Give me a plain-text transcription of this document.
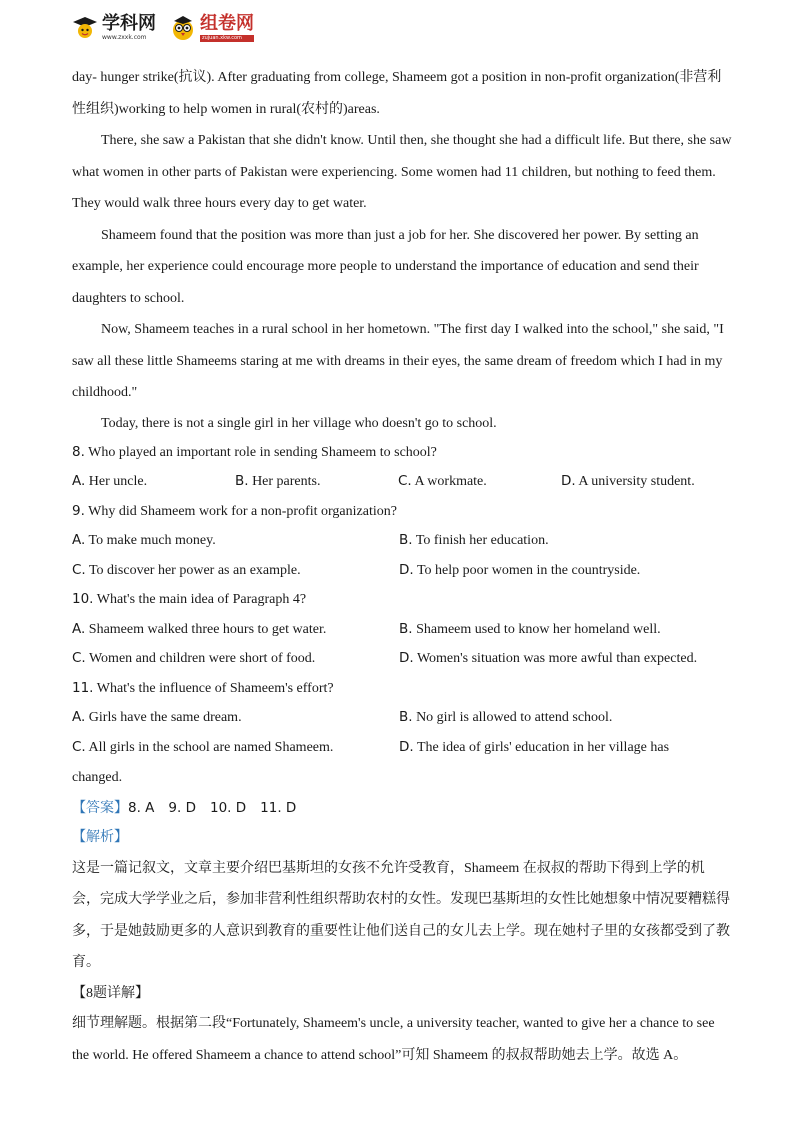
学科网
www.zxxk.com
组卷网
zujuan.xkw.com

day- hunger strike(抗议). After graduating from college, Shameem got a position in non-profit organization(非营利性组织)working to help women in rural(农村的)areas.

There, she saw a Pakistan that she didn't know. Until then, she thought she had a difficult life. But there, she saw what women in other parts of Pakistan were experiencing. Some women had 11 children, but nothing to feed them. They would walk three hours every day to get water.

Shameem found that the position was more than just a job for her. She discovered her power. By setting an example, her experience could encourage more people to understand the importance of education and send their daughters to school.

Now, Shameem teaches in a rural school in her hometown. "The first day I walked into the school," she said, "I saw all these little Shameems staring at me with dreams in their eyes, the same dream of freedom which I had in my childhood."

Today, there is not a single girl in her village who doesn't go to school.

8. Who played an important role in sending Shameem to school?
A. Her uncle.	B. Her parents.	C. A workmate.	D. A university student.
9. Why did Shameem work for a non-profit organization?
A. To make much money.	B. To finish her education.
C. To discover her power as an example.	D. To help poor women in the countryside.
10. What's the main idea of Paragraph 4?
A. Shameem walked three hours to get water.	B. Shameem used to know her homeland well.
C. Women and children were short of food.	D. Women's situation was more awful than expected.
11. What's the influence of Shameem's effort?
A. Girls have the same dream.	B. No girl is allowed to attend school.
C. All girls in the school are named Shameem.	D. The idea of girls' education in her village has
changed.
【答案】8. A 9. D 10. D 11. D
【解析】

这是一篇记叙文，文章主要介绍巴基斯坦的女孩不允许受教育，Shameem 在叔叔的帮助下得到上学的机会，完成大学学业之后，参加非营利性组织帮助农村的女性。发现巴基斯坦的女性比她想象中情况要糟糕得多，于是她鼓励更多的人意识到教育的重要性让他们送自己的女儿去上学。现在她村子里的女孩都受到了教育。

【8题详解】

细节理解题。根据第二段“Fortunately, Shameem's uncle, a university teacher, wanted to give her a chance to see the world. He offered Shameem a chance to attend school”可知 Shameem 的叔叔帮助她去上学。故选 A。
